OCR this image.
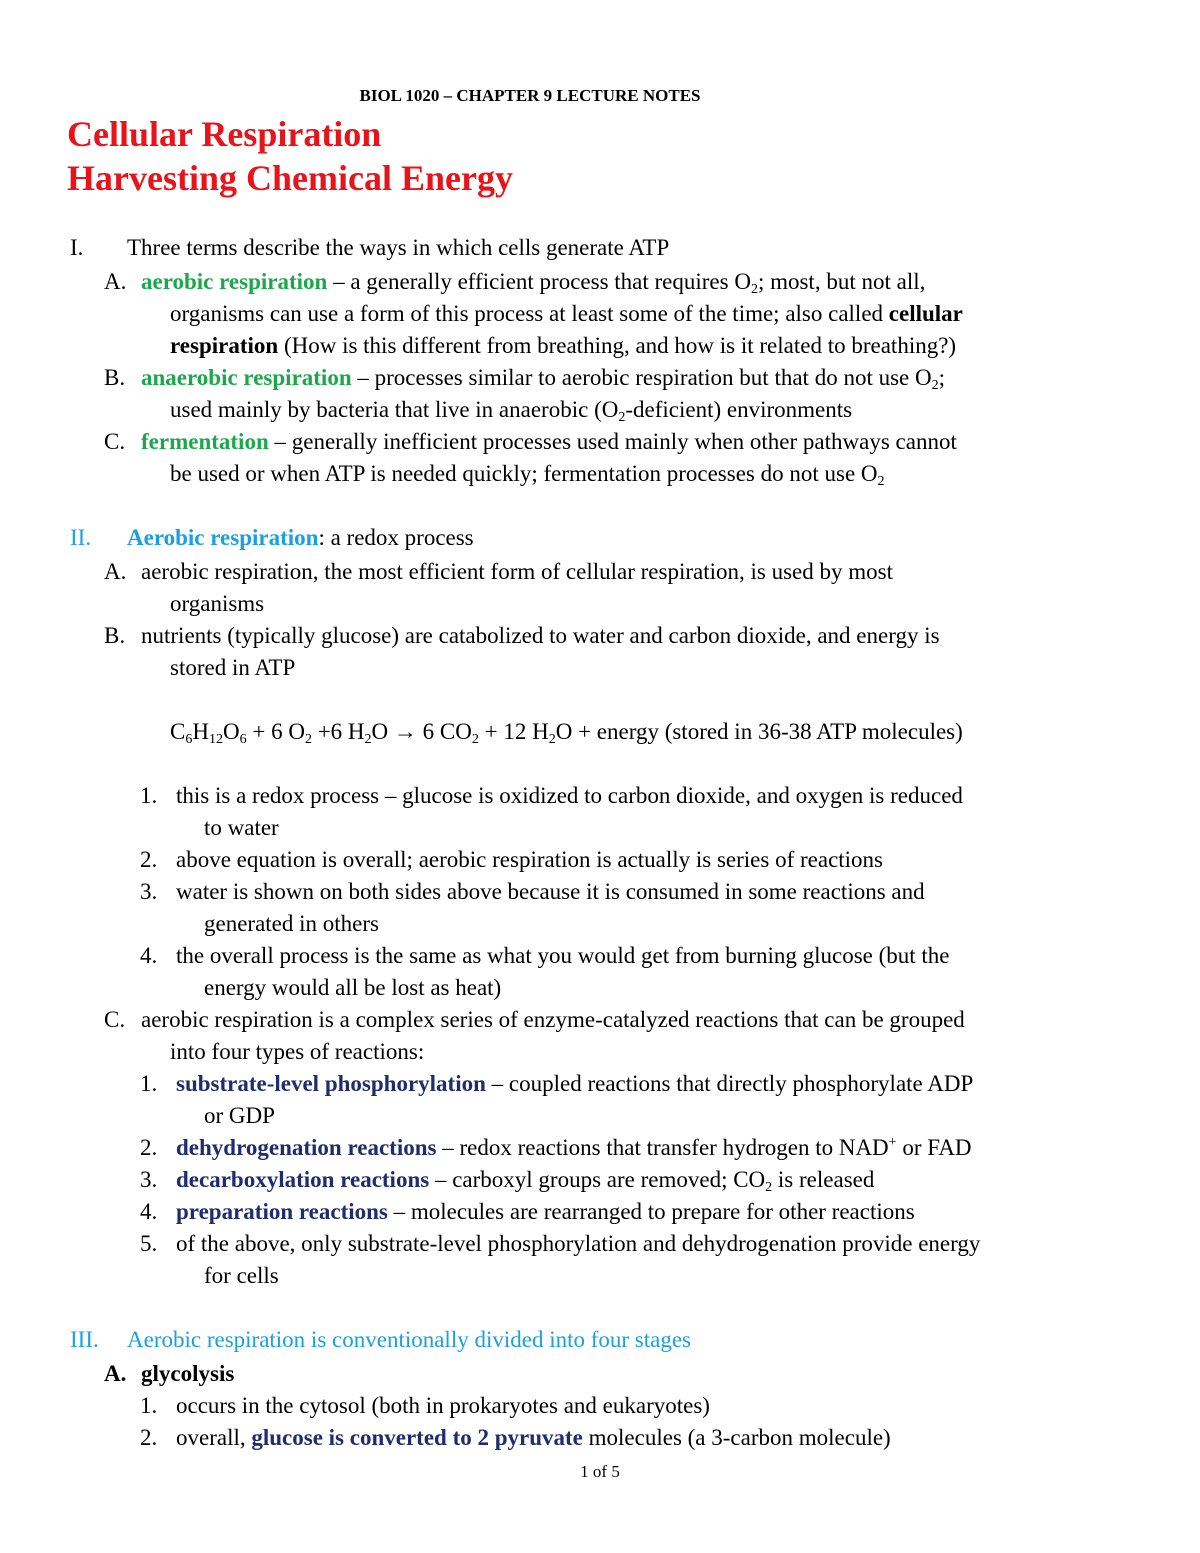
BIOL 1020 – CHAPTER 9 LECTURE NOTES
Cellular Respiration
Harvesting Chemical Energy
I. Three terms describe the ways in which cells generate ATP
A. aerobic respiration – a generally efficient process that requires $O_2$; most, but not all,
organisms can use a form of this process at least some of the time; also called cellular
respiration (How is this different from breathing, and how is it related to breathing?)
B. anaerobic respiration – processes similar to aerobic respiration but that do not use $O_2$;
used mainly by bacteria that live in anaerobic $(O_2-deficient)$ environments
C. fermentation – generally inefficient processes used mainly when other pathways cannot
be used or when ATP is needed quickly; fermentation processes do not use $O_2$
II. Aerobic respiration: a redox process
A. aerobic respiration, the most efficient form of cellular respiration, is used by most
organisms
B. nutrients (typically glucose) are catabolized to water and carbon dioxide, and energy is
stored in ATP
$C_6H_{12}O_6 + 6$ $O_2 +6$ $H_2O \to 6$ $CO_2 + 12$ $H_2O$ + energy (stored in 36-38 ATP molecules)
1. this is a redox process – glucose is oxidized to carbon dioxide, and oxygen is reduced
to water
2. above equation is overall; aerobic respiration is actually is series of reactions
3. water is shown on both sides above because it is consumed in some reactions and
generated in others
4. the overall process is the same as what you would get from burning glucose (but the
energy would all be lost as heat)
C. aerobic respiration is a complex series of enzyme-catalyzed reactions that can be grouped
into four types of reactions:
1. substrate-level phosphorylation – coupled reactions that directly phosphorylate ADP
or GDP
2. dehydrogenation reactions – redox reactions that transfer hydrogen to NAD+ or FAD
3. decarboxylation reactions – carboxyl groups are removed; $CO_2$ is released
4. preparation reactions – molecules are rearranged to prepare for other reactions
5. of the above, only substrate-level phosphorylation and dehydrogenation provide energy
for cells
III. Aerobic respiration is conventionally divided into four stages
A. glycolysis
1. occurs in the cytosol (both in prokaryotes and eukaryotes)
2. overall, glucose is converted to 2 pyruvate molecules (a 3-carbon molecule)
1 of 5
